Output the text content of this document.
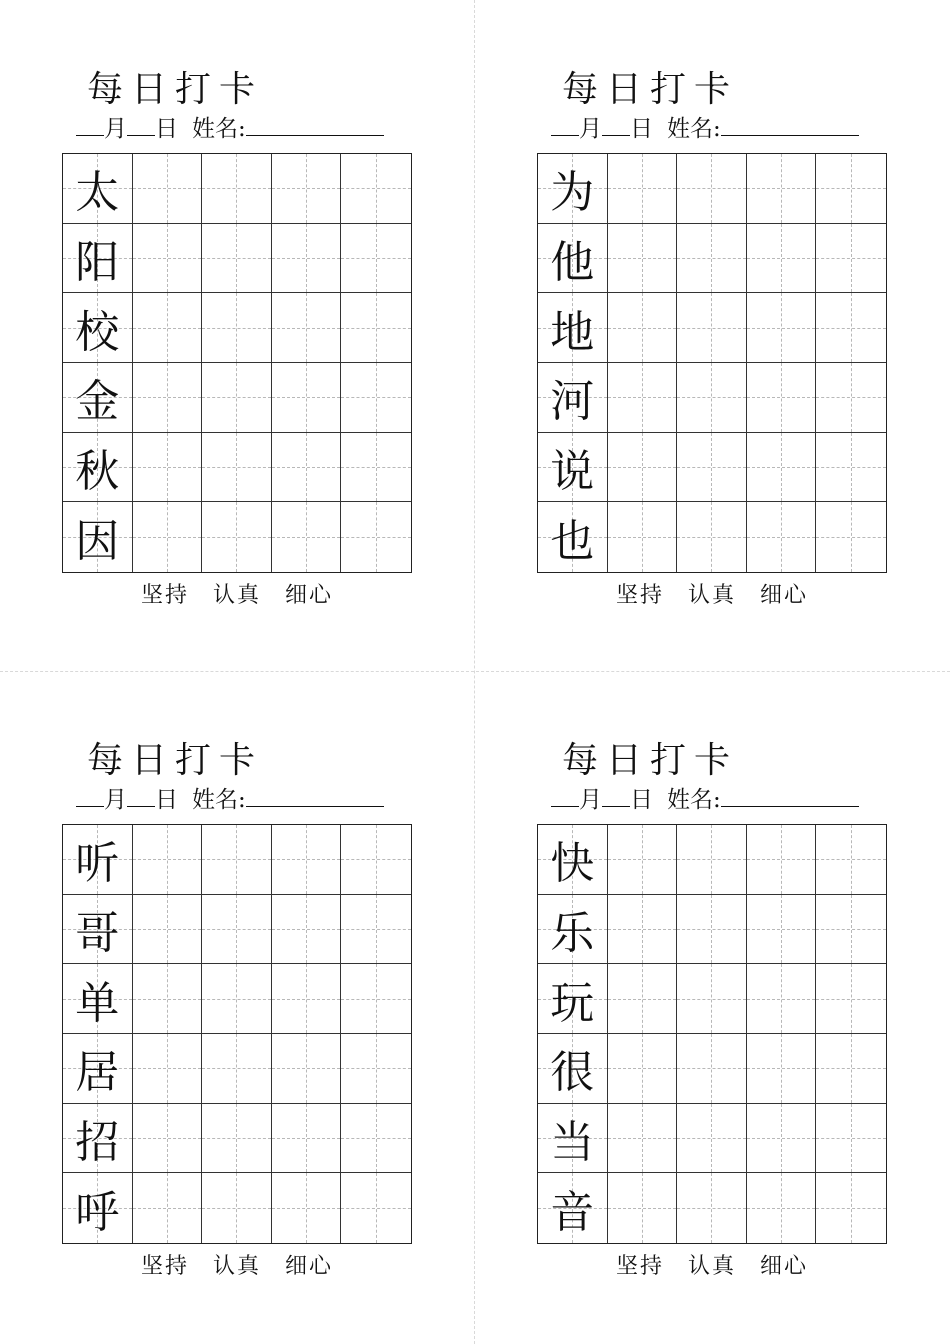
每日打卡
月 日 姓名:
太
阳
校
金
秋
因
坚持 认真 细心
每日打卡
月 日 姓名:
为
他
地
河
说
也
坚持 认真 细心
每日打卡
月 日 姓名:
听
哥
单
居
招
呼
坚持 认真 细心
每日打卡
月 日 姓名:
快
乐
玩
很
当
音
坚持 认真 细心
